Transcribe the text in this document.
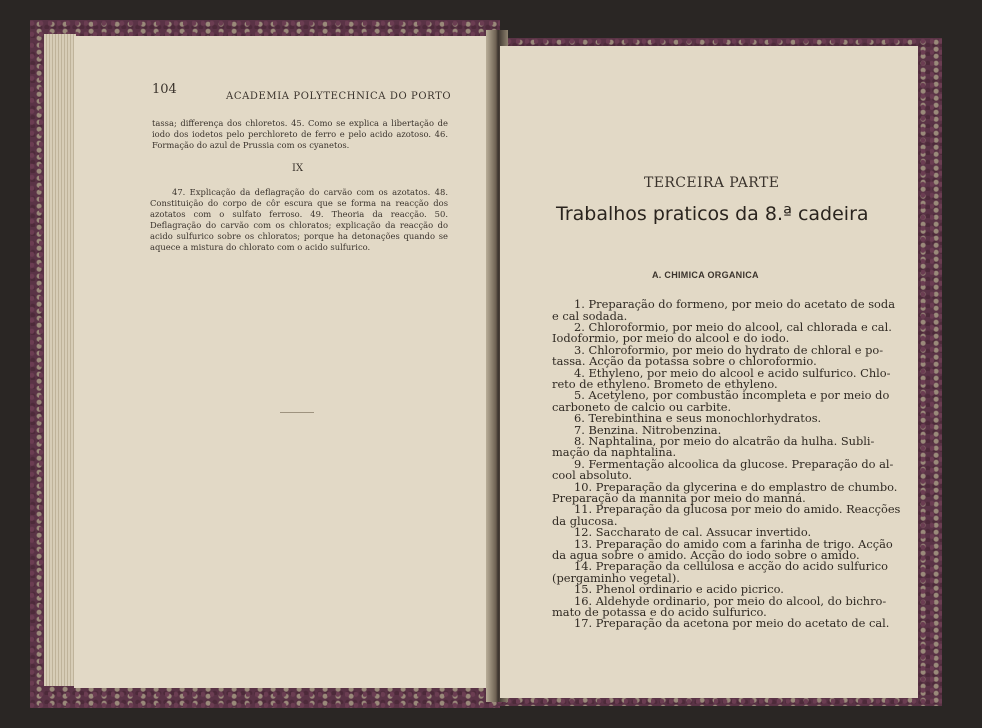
104	ACADEMIA POLYTECHNICA DO PORTO
tassa; differença dos chloretos. 45. Como se explica a libertação de iodo dos iodetos pelo perchloreto de ferro e pelo acido azotoso. 46. Formação do azul de Prussia com os cyanetos.
IX
47. Explicação da deflagração do carvão com os azotatos. 48. Constituição do corpo de côr escura que se forma na reacção dos azotatos com o sulfato ferroso. 49. Theoria da reacção. 50. Deflagração do carvão com os chloratos; explicação da reacção do acido sulfurico sobre os chloratos; porque ha detonações quando se aquece a mistura do chlorato com o acido sulfurico.
TERCEIRA PARTE
Trabalhos praticos da 8.ª cadeira
A. CHIMICA ORGANICA
1. Preparação do formeno, por meio do acetato de soda
e cal sodada.
2. Chloroformio, por meio do alcool, cal chlorada e cal.
Iodoformio, por meio do alcool e do iodo.
3. Chloroformio, por meio do hydrato de chloral e po-
tassa. Acção da potassa sobre o chloroformio.
4. Ethyleno, por meio do alcool e acido sulfurico. Chlo-
reto de ethyleno. Brometo de ethyleno.
5. Acetyleno, por combustão incompleta e por meio do
carboneto de calcio ou carbite.
6. Terebinthina e seus monochlorhydratos.
7. Benzina. Nitrobenzina.
8. Naphtalina, por meio do alcatrão da hulha. Subli-
mação da naphtalina.
9. Fermentação alcoolica da glucose. Preparação do al-
cool absoluto.
10. Preparação da glycerina e do emplastro de chumbo.
Preparação da mannita por meio do manná.
11. Preparação da glucosa por meio do amido. Reacções
da glucosa.
12. Saccharato de cal. Assucar invertido.
13. Preparação do amido com a farinha de trigo. Acção
da agua sobre o amido. Acção do iodo sobre o amido.
14. Preparação da cellulosa e acção do acido sulfurico
(pergaminho vegetal).
15. Phenol ordinario e acido picrico.
16. Aldehyde ordinario, por meio do alcool, do bichro-
mato de potassa e do acido sulfurico.
17. Preparação da acetona por meio do acetato de cal.
